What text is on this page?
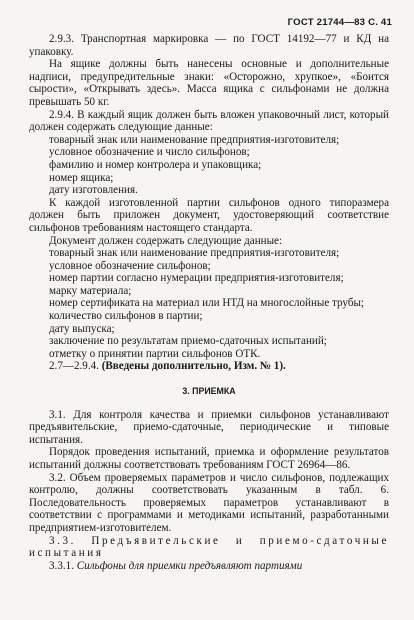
ГОСТ 21744—83 С. 41

2.9.3. Транспортная маркировка — по ГОСТ 14192—77 и КД на упаковку.

На ящике должны быть нанесены основные и дополнительные надписи, предупредительные знаки: «Осторожно, хрупкое», «Боится сырости», «Открывать здесь». Масса ящика с сильфонами не должна превышать 50 кг.

2.9.4. В каждый ящик должен быть вложен упаковочный лист, который должен содержать следующие данные:

товарный знак или наименование предприятия-изготовителя;

условное обозначение и число сильфонов;

фамилию и номер контролера и упаковщика;

номер ящика;

дату изготовления.

К каждой изготовленной партии сильфонов одного типоразмера должен быть приложен документ, удостоверяющий соответствие сильфонов требованиям настоящего стандарта.

Документ должен содержать следующие данные:

товарный знак или наименование предприятия-изготовителя;

условное обозначение сильфонов;

номер партии согласно нумерации предприятия-изготовителя;

марку материала;

номер сертификата на материал или НТД на многослойные трубы;

количество сильфонов в партии;

дату выпуска;

заключение по результатам приемо-сдаточных испытаний;

отметку о принятии партии сильфонов ОТК.

2.7—2.9.4. (Введены дополнительно, Изм. № 1).

3. ПРИЕМКА

3.1. Для контроля качества и приемки сильфонов устанавливают предъявительские, приемо-сдаточные, периодические и типовые испытания.

Порядок проведения испытаний, приемка и оформление результатов испытаний должны соответствовать требованиям ГОСТ 26964—86.

3.2. Объем проверяемых параметров и число сильфонов, подлежащих контролю, должны соответствовать указанным в табл. 6. Последовательность проверяемых параметров устанавливают в соответствии с программами и методиками испытаний, разработанными предприятием-изготовителем.

3.3. Предъявительские и приемо-сдаточные испытания

3.3.1. Сильфоны для приемки предъявляют партиями
